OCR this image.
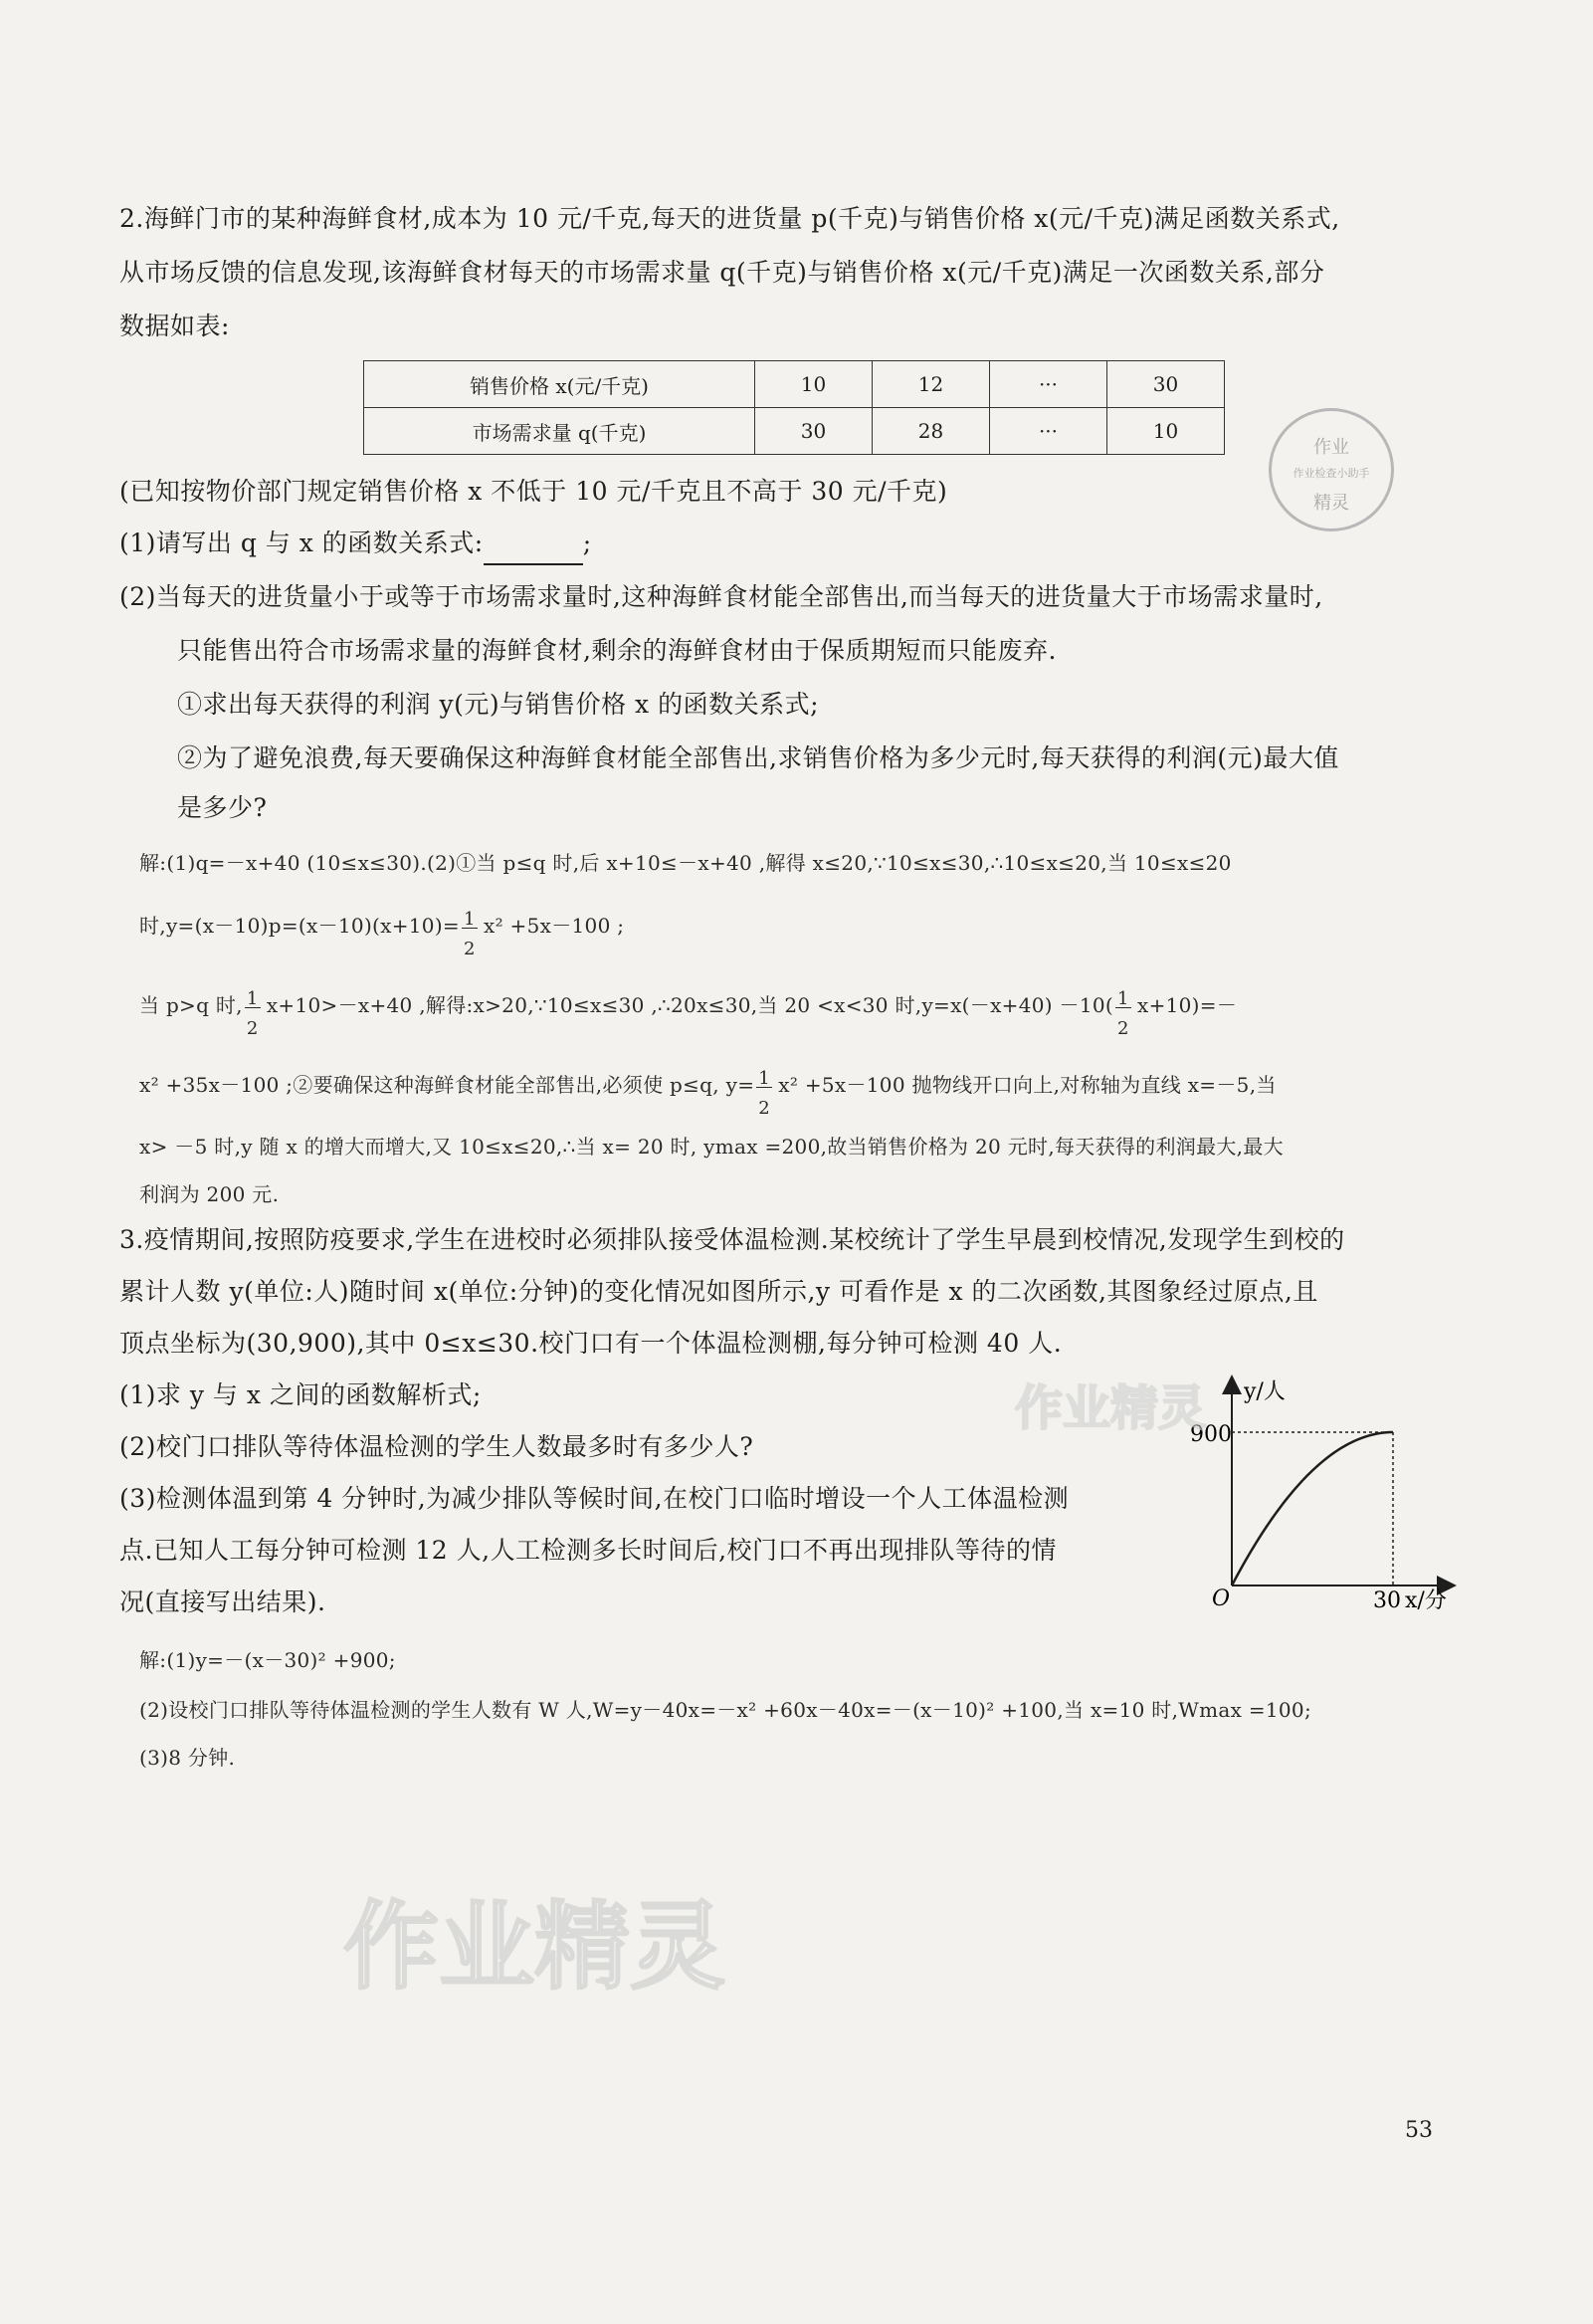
2.海鲜门市的某种海鲜食材,成本为 10 元/千克,每天的进货量 p(千克)与销售价格 x(元/千克)满足函数关系式,
从市场反馈的信息发现,该海鲜食材每天的市场需求量 q(千克)与销售价格 x(元/千克)满足一次函数关系,部分
数据如表:
销售价格 x(元/千克)	10	12	···	30
市场需求量 q(千克)	30	28	···	10
作业
作业检查小助手
精灵
(已知按物价部门规定销售价格 x 不低于 10 元/千克且不高于 30 元/千克)
(1)请写出 q 与 x 的函数关系式:	;
(2)当每天的进货量小于或等于市场需求量时,这种海鲜食材能全部售出,而当每天的进货量大于市场需求量时,
只能售出符合市场需求量的海鲜食材,剩余的海鲜食材由于保质期短而只能废弃.
①求出每天获得的利润 y(元)与销售价格 x 的函数关系式;
②为了避免浪费,每天要确保这种海鲜食材能全部售出,求销售价格为多少元时,每天获得的利润(元)最大值
是多少?
解:(1)q=－x+40 (10≤x≤30).(2)①当 p≤q 时,后 x+10≤－x+40 ,解得 x≤20,∵10≤x≤30,∴10≤x≤20,当 10≤x≤20
时$,y=(x-10)p=(x-10)(x+10)= \frac{1}{2} x^2 +5x-100$ ;
当 p>q 时, $\frac{1}{2} x+10>-x+40$ ,解得:x>20,∵10≤x≤30 ,∴20x≤30,当 20 <x<30 时$,y=x(-x+40) -10( \frac{1}{2} x+10)=-$
x² +35x－100 ;②要确保这种海鲜食材能全部售出,必须使 p≤q, $y= \frac{1}{2} x^2 +5x-100$ 抛物线开口向上,对称轴为直线 x=－5,当
x> －5 时,y 随 x 的增大而增大,又 10≤x≤20,∴当 x= 20 时, ymax =200,故当销售价格为 20 元时,每天获得的利润最大,最大
利润为 200 元.
3.疫情期间,按照防疫要求,学生在进校时必须排队接受体温检测.某校统计了学生早晨到校情况,发现学生到校的
累计人数 y(单位:人)随时间 x(单位:分钟)的变化情况如图所示,y 可看作是 x 的二次函数,其图象经过原点,且
顶点坐标为(30,900),其中 0≤x≤30.校门口有一个体温检测棚,每分钟可检测 40 人.
(1)求 y 与 x 之间的函数解析式;
(2)校门口排队等待体温检测的学生人数最多时有多少人?
(3)检测体温到第 4 分钟时,为减少排队等候时间,在校门口临时增设一个人工体温检测
点.已知人工每分钟可检测 12 人,人工检测多长时间后,校门口不再出现排队等待的情
况(直接写出结果).
y/人
900
30 x/分
O
解:(1)y=－(x－30)² +900;
(2)设校门口排队等待体温检测的学生人数有 W 人,W=y－40x=－x² +60x－40x=－(x－10)² +100,当 x=10 时,Wmax =100;
(3)8 分钟.
作业精灵
作业精灵
53
